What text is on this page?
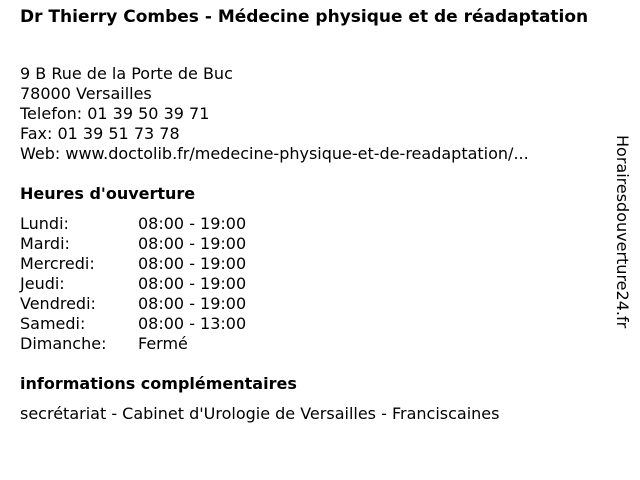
Dr Thierry Combes - Médecine physique et de réadaptation
9 B Rue de la Porte de Buc
78000 Versailles
Telefon: 01 39 50 39 71
Fax: 01 39 51 73 78
Web: www.doctolib.fr/medecine-physique-et-de-readaptation/...
Heures d'ouverture
Lundi:	08:00 - 19:00
Mardi:	08:00 - 19:00
Mercredi:	08:00 - 19:00
Jeudi:	08:00 - 19:00
Vendredi:	08:00 - 19:00
Samedi:	08:00 - 13:00
Dimanche: Fermé
informations complémentaires
secrétariat - Cabinet d'Urologie de Versailles - Franciscaines
Horairesdouverture24.fr
